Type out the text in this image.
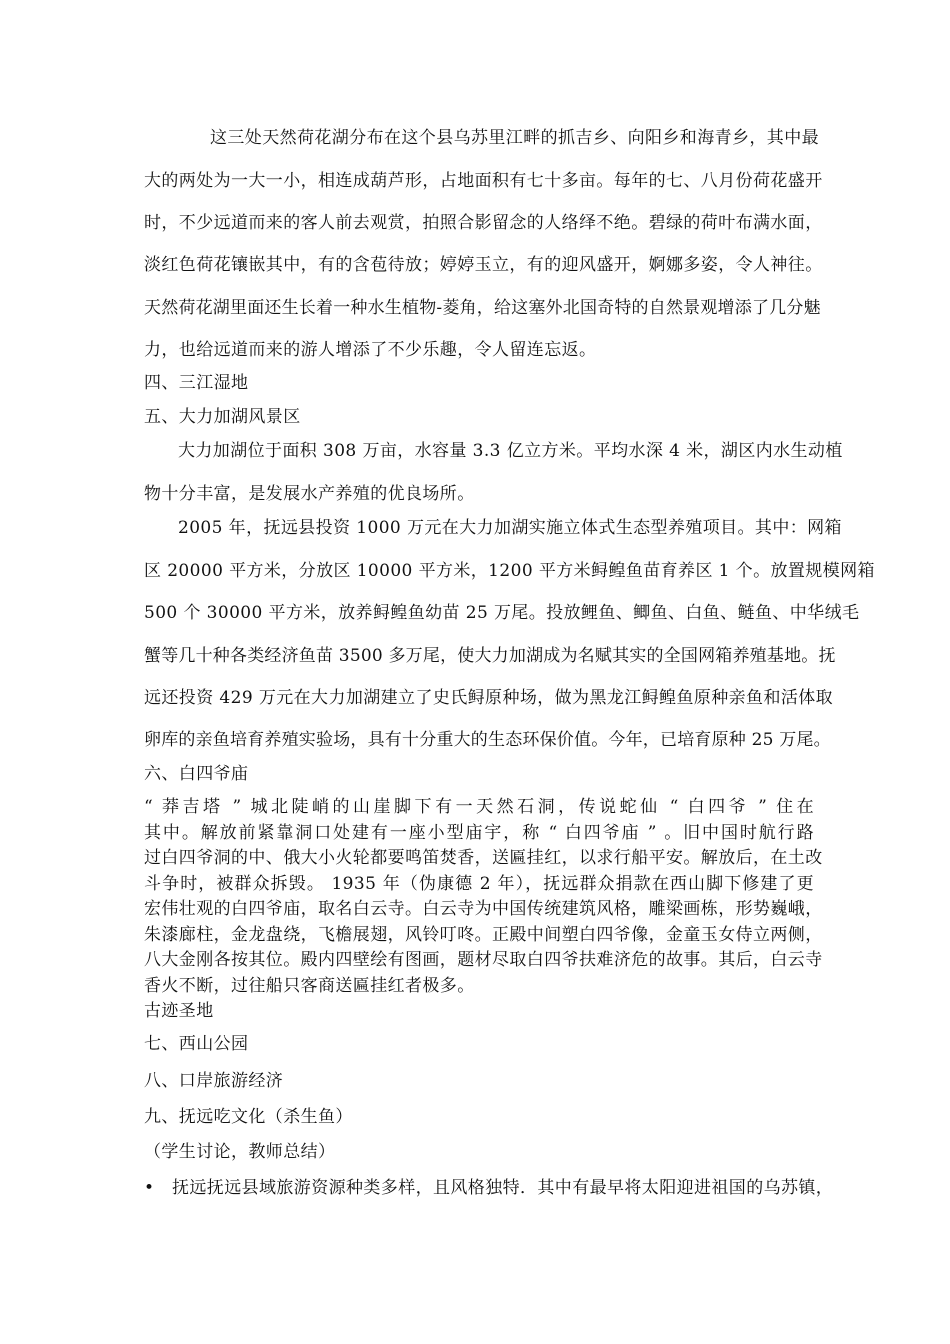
这三处天然荷花湖分布在这个县乌苏里江畔的抓吉乡、向阳乡和海青乡，其中最
大的两处为一大一小，相连成葫芦形，占地面积有七十多亩。每年的七、八月份荷花盛开
时，不少远道而来的客人前去观赏，拍照合影留念的人络绎不绝。碧绿的荷叶布满水面，
淡红色荷花镶嵌其中，有的含苞待放；婷婷玉立，有的迎风盛开，婀娜多姿，令人神往。
天然荷花湖里面还生长着一种水生植物-菱角，给这塞外北国奇特的自然景观增添了几分魅
力，也给远道而来的游人增添了不少乐趣，令人留连忘返。
四、三江湿地
五、大力加湖风景区
大力加湖位于面积 308 万亩，水容量 3.3 亿立方米。平均水深 4 米，湖区内水生动植
物十分丰富，是发展水产养殖的优良场所。
2005 年，抚远县投资 1000 万元在大力加湖实施立体式生态型养殖项目。其中：网箱
区 20000 平方米，分放区 10000 平方米，1200 平方米鲟鳇鱼苗育养区 1 个。放置规模网箱
500 个 30000 平方米，放养鲟鳇鱼幼苗 25 万尾。投放鲤鱼、鲫鱼、白鱼、鲢鱼、中华绒毛
蟹等几十种各类经济鱼苗 3500 多万尾，使大力加湖成为名赋其实的全国网箱养殖基地。抚
远还投资 429 万元在大力加湖建立了史氏鲟原种场，做为黑龙江鲟鳇鱼原种亲鱼和活体取
卵库的亲鱼培育养殖实验场，具有十分重大的生态环保价值。今年，已培育原种 25 万尾。
六、白四爷庙
“ 莽吉塔 ” 城北陡峭的山崖脚下有一天然石洞，传说蛇仙 “ 白四爷 ” 住在
其中。解放前紧靠洞口处建有一座小型庙宇，称 “ 白四爷庙 ” 。旧中国时航行路
过白四爷洞的中、俄大小火轮都要鸣笛焚香，送匾挂红，以求行船平安。解放后，在土改
斗争时，被群众拆毁。 1935 年（伪康德 2 年），抚远群众捐款在西山脚下修建了更
宏伟壮观的白四爷庙，取名白云寺。白云寺为中国传统建筑风格，雕梁画栋，形势巍峨，
朱漆廊柱，金龙盘绕，飞檐展翅，风铃叮咚。正殿中间塑白四爷像，金童玉女侍立两侧，
八大金刚各按其位。殿内四壁绘有图画，题材尽取白四爷扶难济危的故事。其后，白云寺
香火不断，过往船只客商送匾挂红者极多。
古迹圣地
七、西山公园
八、口岸旅游经济
九、抚远吃文化（杀生鱼）
（学生讨论，教师总结）
• 抚远抚远县域旅游资源种类多样，且风格独特．其中有最早将太阳迎进祖国的乌苏镇，
